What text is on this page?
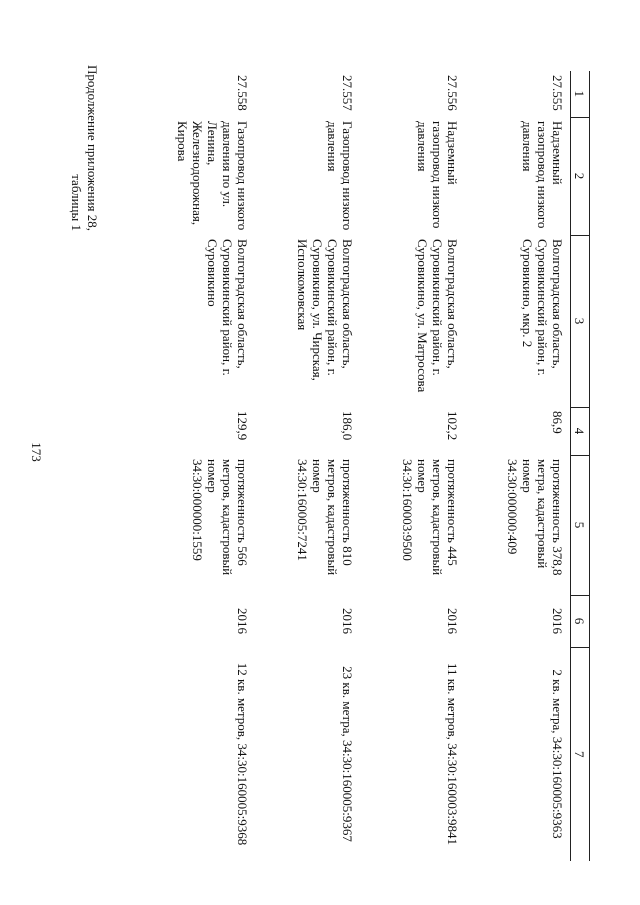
173
Продолжение приложения 28,
таблицы 1
1	2	3	4	5	6	7
27.555	Надземный газопровод низкого давления	Волгоградская область, Суровикинский район, г. Суровикино, мкр. 2	86,9	протяженность 378,8 метра, кадастровый номер 34:30:000000:409	2016	2 кв. метра, 34:30:160005:9363
27.556	Надземный газопровод низкого давления	Волгоградская область, Суровикинский район, г. Суровикино, ул. Матросова	102,2	протяженность 445 метров, кадастровый номер 34:30:160003:9500	2016	11 кв. метров, 34:30:160003:9841
27.557	Газопровод низкого давления	Волгоградская область, Суровикинский район, г. Суровикино, ул. Чирская, Исполкомовская	186,0	протяженность 810 метров, кадастровый номер 34:30:160005:7241	2016	23 кв. метра, 34:30:160005:9367
27.558	Газопровод низкого давления по ул. Ленина, Железнодорожная, Кирова	Волгоградская область, Суровикинский район, г. Суровикино	129,9	протяженность 566 метров, кадастровый номер 34:30:000000:1559	2016	12 кв. метров, 34:30:160005:9368
